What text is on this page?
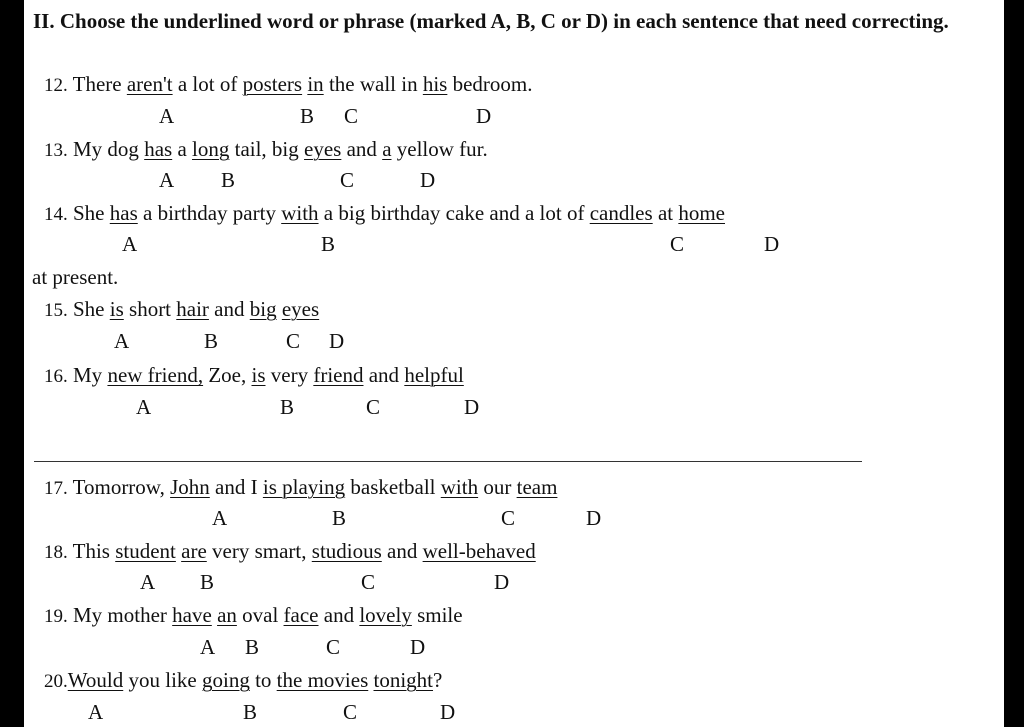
II. Choose the underlined word or phrase (marked A, B, C or D) in each sentence that need correcting.
12. There aren't a lot of posters in the wall in his bedroom.
A	B C	D
13. My dog has a long tail, big eyes and a yellow fur.
A B	C	D
14. She has a birthday party with a big birthday cake and a lot of candles at home
A	B	C	D
at present.
15. She is short hair and big eyes
A	B	C D
16. My new friend, Zoe, is very friend and helpful
A	B	C	D
17. Tomorrow, John and I is playing basketball with our team
A	B	C	D
18. This student are very smart, studious and well-behaved
A B	C	D
19. My mother have an oval face and lovely smile
A B	C	D
20.Would you like going to the movies tonight?
A	B	C	D
